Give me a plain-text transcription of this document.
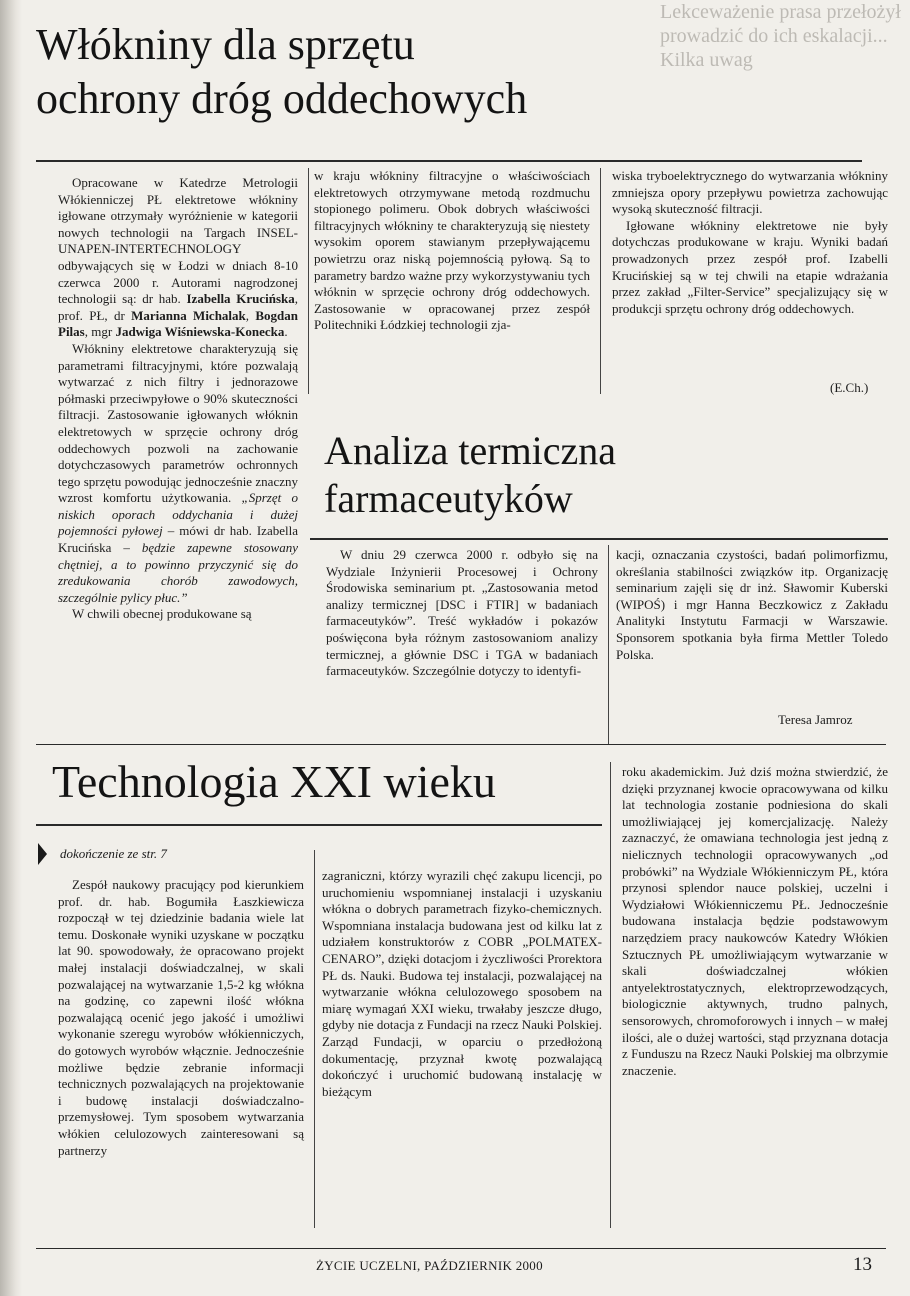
Lekceważenie prasa przełożył
prowadzić do ich eskalacji...
Kilka uwag
Włókniny dla sprzętu
ochrony dróg oddechowych

Opracowane w Katedrze Metrologii Włókienniczej PŁ elektretowe włókniny igłowane otrzymały wyróżnienie w kategorii nowych technologii na Targach INSEL-UNAPEN-INTERTECHNOLOGY odbywających się w Łodzi w dniach 8-10 czerwca 2000 r. Autorami nagrodzonej technologii są: dr hab. Izabella Krucińska, prof. PŁ, dr Marianna Michalak, Bogdan Pilas, mgr Jadwiga Wiśniewska-Konecka.

Włókniny elektretowe charakteryzują się parametrami filtracyjnymi, które pozwalają wytwarzać z nich filtry i jednorazowe półmaski przeciwpyłowe o 90% skuteczności filtracji. Zastosowanie igłowanych włóknin elektretowych w sprzęcie ochrony dróg oddechowych pozwoli na zachowanie dotychczasowych parametrów ochronnych tego sprzętu powodując jednocześnie znaczny wzrost komfortu użytkowania. „Sprzęt o niskich oporach oddychania i dużej pojemności pyłowej – mówi dr hab. Izabella Krucińska – będzie zapewne stosowany chętniej, a to powinno przyczynić się do zredukowania chorób zawodowych, szczególnie pylicy płuc.”

W chwili obecnej produkowane są

w kraju włókniny filtracyjne o właściwościach elektretowych otrzymywane metodą rozdmuchu stopionego polimeru. Obok dobrych właściwości filtracyjnych włókniny te charakteryzują się niestety wysokim oporem stawianym przepływającemu powietrzu oraz niską pojemnością pyłową. Są to parametry bardzo ważne przy wykorzystywaniu tych włóknin w sprzęcie ochrony dróg oddechowych. Zastosowanie w opracowanej przez zespół Politechniki Łódzkiej technologii zja-

wiska tryboelektrycznego do wytwarzania włókniny zmniejsza opory przepływu powietrza zachowując wysoką skuteczność filtracji.

Igłowane włókniny elektretowe nie były dotychczas produkowane w kraju. Wyniki badań prowadzonych przez zespół prof. Izabelli Krucińskiej są w tej chwili na etapie wdrażania przez zakład „Filter-Service” specjalizujący się w produkcji sprzętu ochrony dróg oddechowych.

(E.Ch.)
Analiza termiczna
farmaceutyków

W dniu 29 czerwca 2000 r. odbyło się na Wydziale Inżynierii Procesowej i Ochrony Środowiska seminarium pt. „Zastosowania metod analizy termicznej [DSC i FTIR] w badaniach farmaceutyków”. Treść wykładów i pokazów poświęcona była różnym zastosowaniom analizy termicznej, a głównie DSC i TGA w badaniach farmaceutyków. Szczególnie dotyczy to identyfi-

kacji, oznaczania czystości, badań polimorfizmu, określania stabilności związków itp. Organizację seminarium zajęli się dr inż. Sławomir Kuberski (WIPOŚ) i mgr Hanna Beczkowicz z Zakładu Analityki Instytutu Farmacji w Warszawie. Sponsorem spotkania była firma Mettler Toledo Polska.

Teresa Jamroz
Technologia XXI wieku
dokończenie ze str. 7

Zespół naukowy pracujący pod kierunkiem prof. dr. hab. Bogumiła Łaszkiewicza rozpoczął w tej dziedzinie badania wiele lat temu. Doskonałe wyniki uzyskane w początku lat 90. spowodowały, że opracowano projekt małej instalacji doświadczalnej, w skali pozwalającej na wytwarzanie 1,5-2 kg włókna na godzinę, co zapewni ilość włókna pozwalającą ocenić jego jakość i umożliwi wykonanie szeregu wyrobów włókienniczych, do gotowych wyrobów włącznie. Jednocześnie możliwe będzie zebranie informacji technicznych pozwalających na projektowanie i budowę instalacji doświadczalno-przemysłowej. Tym sposobem wytwarzania włókien celulozowych zainteresowani są partnerzy

zagraniczni, którzy wyrazili chęć zakupu licencji, po uruchomieniu wspomnianej instalacji i uzyskaniu włókna o dobrych parametrach fizyko-chemicznych. Wspomniana instalacja budowana jest od kilku lat z udziałem konstruktorów z COBR „POLMATEX-CENARO”, dzięki dotacjom i życzliwości Prorektora PŁ ds. Nauki. Budowa tej instalacji, pozwalającej na wytwarzanie włókna celulozowego sposobem na miarę wymagań XXI wieku, trwałaby jeszcze długo, gdyby nie dotacja z Fundacji na rzecz Nauki Polskiej. Zarząd Fundacji, w oparciu o przedłożoną dokumentację, przyznał kwotę pozwalającą dokończyć i uruchomić budowaną instalację w bieżącym

roku akademickim. Już dziś można stwierdzić, że dzięki przyznanej kwocie opracowywana od kilku lat technologia zostanie podniesiona do skali umożliwiającej jej komercjalizację. Należy zaznaczyć, że omawiana technologia jest jedną z nielicznych technologii opracowywanych „od probówki” na Wydziale Włókienniczym PŁ, która przynosi splendor nauce polskiej, uczelni i Wydziałowi Włókienniczemu PŁ. Jednocześnie budowana instalacja będzie podstawowym narzędziem pracy naukowców Katedry Włókien Sztucznych PŁ umożliwiającym wytwarzanie w skali doświadczalnej włókien antyelektrostatycznych, elektroprzewodzących, biologicznie aktywnych, trudno palnych, sensorowych, chromoforowych i innych – w małej ilości, ale o dużej wartości, stąd przyznana dotacja z Funduszu na Rzecz Nauki Polskiej ma olbrzymie znaczenie.

ŻYCIE UCZELNI, PAŹDZIERNIK 2000	13
